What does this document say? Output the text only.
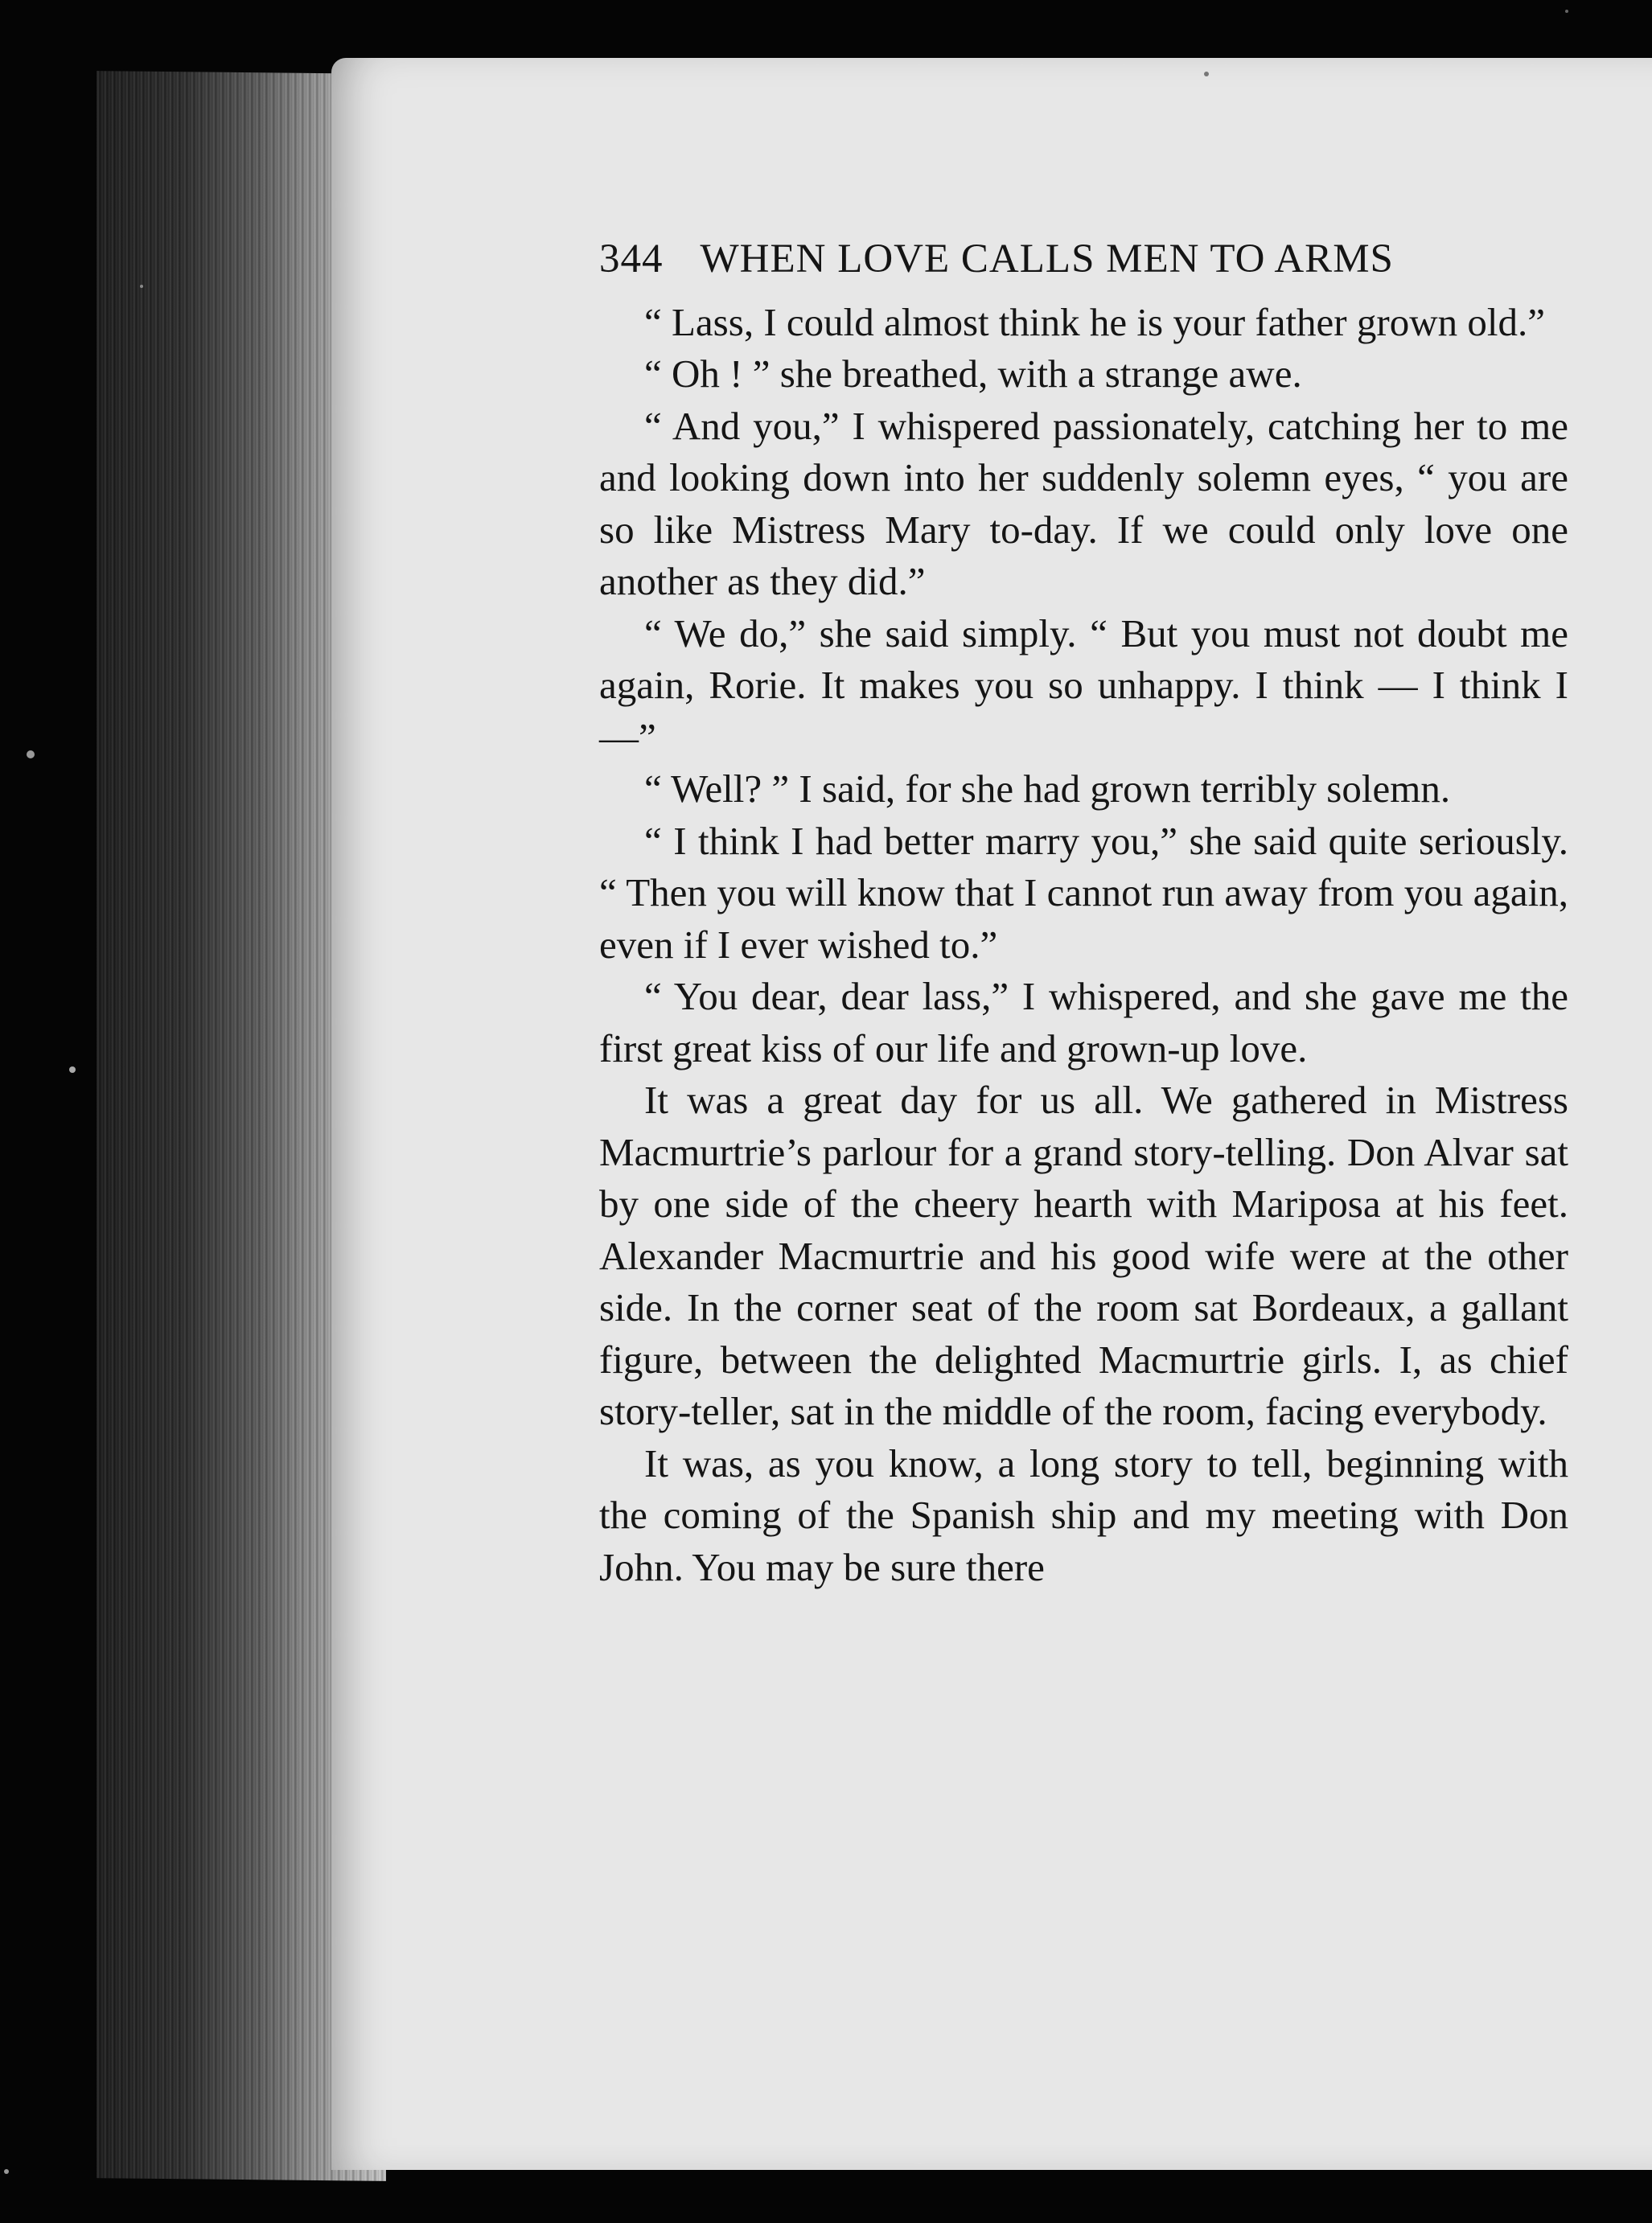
344 WHEN LOVE CALLS MEN TO ARMS

“ Lass, I could almost think he is your father grown old.”

“ Oh ! ” she breathed, with a strange awe.

“ And you,” I whispered passionately, catching her to me and looking down into her suddenly solemn eyes, “ you are so like Mistress Mary to-day. If we could only love one another as they did.”

“ We do,” she said simply. “ But you must not doubt me again, Rorie. It makes you so unhappy. I think — I think I —”

“ Well? ” I said, for she had grown terribly solemn.

“ I think I had better marry you,” she said quite seriously. “ Then you will know that I cannot run away from you again, even if I ever wished to.”

“ You dear, dear lass,” I whispered, and she gave me the first great kiss of our life and grown-up love.

It was a great day for us all. We gathered in Mistress Macmurtrie’s parlour for a grand story-telling. Don Alvar sat by one side of the cheery hearth with Mariposa at his feet. Alexander Macmurtrie and his good wife were at the other side. In the corner seat of the room sat Bordeaux, a gallant figure, between the delighted Macmurtrie girls. I, as chief story-teller, sat in the middle of the room, facing everybody.

It was, as you know, a long story to tell, beginning with the coming of the Spanish ship and my meeting with Don John. You may be sure there
